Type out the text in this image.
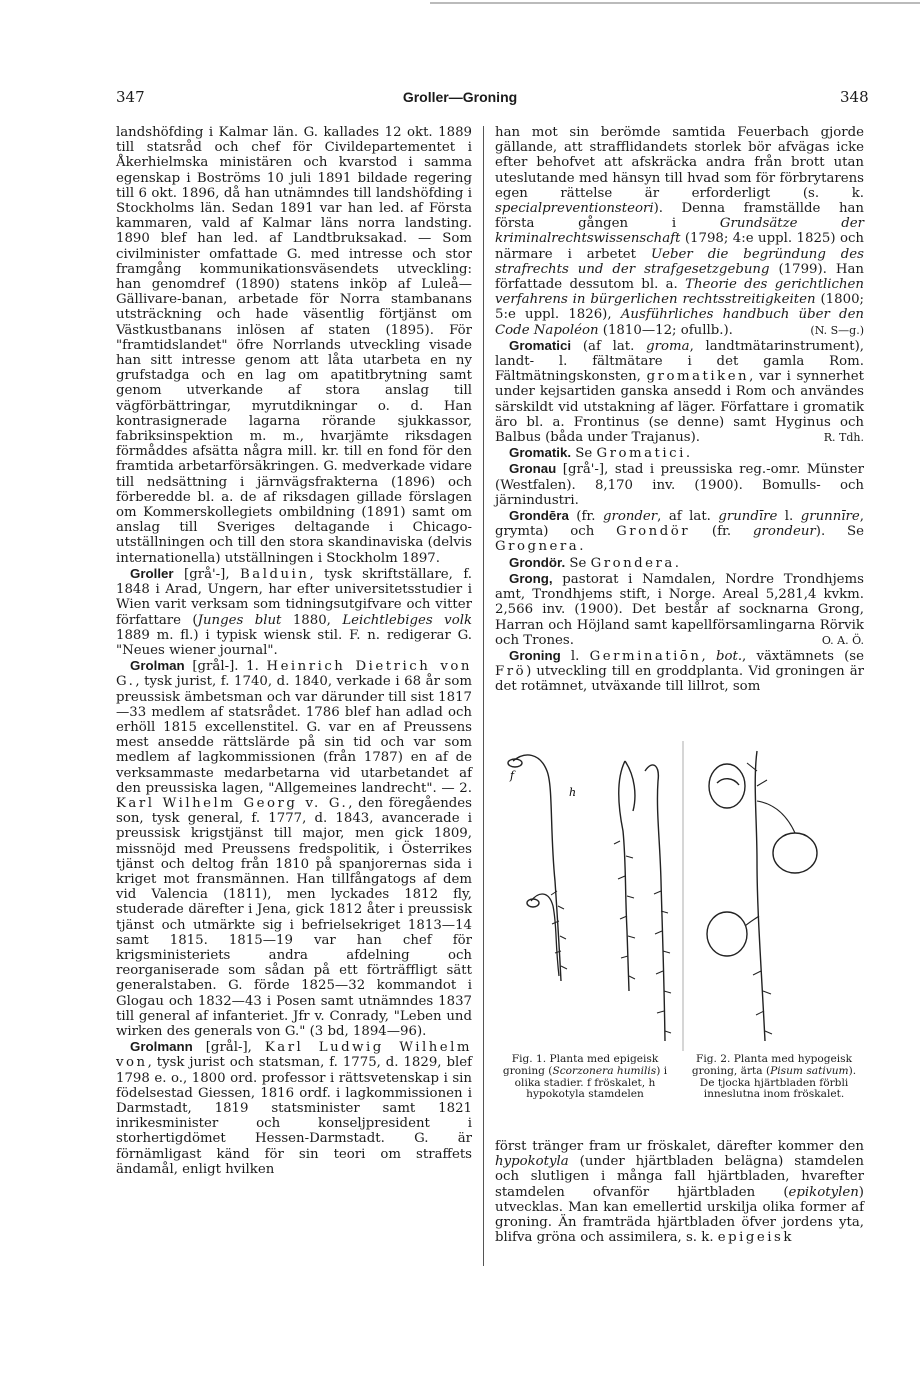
347	Groller—Groning	348

landshöfding i Kalmar län. G. kallades 12 okt. 1889 till statsråd och chef för Civildepartementet i Åkerhielmska ministären och kvarstod i samma egenskap i Boströms 10 juli 1891 bildade regering till 6 okt. 1896, då han utnämndes till landshöfding i Stockholms län. Sedan 1891 var han led. af Första kammaren, vald af Kalmar läns norra landsting. 1890 blef han led. af Landtbruksakad. — Som civilminister omfattade G. med intresse och stor framgång kommunikationsväsendets utveckling: han genomdref (1890) statens inköp af Luleå—Gällivare-banan, arbetade för Norra stambanans utsträckning och hade väsentlig förtjänst om Västkustbanans inlösen af staten (1895). För "framtidslandet" öfre Norrlands utveckling visade han sitt intresse genom att låta utarbeta en ny grufstadga och en lag om apatitbrytning samt genom utverkande af stora anslag till vägförbättringar, myrutdikningar o. d. Han kontrasignerade lagarna rörande sjukkassor, fabriksinspektion m. m., hvarjämte riksdagen förmåddes afsätta några mill. kr. till en fond för den framtida arbetarförsäkringen. G. medverkade vidare till nedsättning i järnvägsfrakterna (1896) och förberedde bl. a. de af riksdagen gillade förslagen om Kommerskollegiets ombildning (1891) samt om anslag till Sveriges deltagande i Chicago-utställningen och till den stora skandinaviska (delvis internationella) utställningen i Stockholm 1897.

Groller [grå'-], Balduin, tysk skriftställare, f. 1848 i Arad, Ungern, har efter universitetsstudier i Wien varit verksam som tidningsutgifvare och vitter författare (Junges blut 1880, Leichtlebiges volk 1889 m. fl.) i typisk wiensk stil. F. n. redigerar G. "Neues wiener journal".

Grolman [grål-]. 1. Heinrich Dietrich von G., tysk jurist, f. 1740, d. 1840, verkade i 68 år som preussisk ämbetsman och var därunder till sist 1817—33 medlem af statsrådet. 1786 blef han adlad och erhöll 1815 excellenstitel. G. var en af Preussens mest ansedde rättslärde på sin tid och var som medlem af lagkommissionen (från 1787) en af de verksammaste medarbetarna vid utarbetandet af den preussiska lagen, "Allgemeines landrecht". — 2. Karl Wilhelm Georg v. G., den föregåendes son, tysk general, f. 1777, d. 1843, avancerade i preussisk krigstjänst till major, men gick 1809, missnöjd med Preussens fredspolitik, i Österrikes tjänst och deltog från 1810 på spanjorernas sida i kriget mot fransmännen. Han tillfångatogs af dem vid Valencia (1811), men lyckades 1812 fly, studerade därefter i Jena, gick 1812 åter i preussisk tjänst och utmärkte sig i befrielsekriget 1813—14 samt 1815. 1815—19 var han chef för krigsministeriets andra afdelning och reorganiserade som sådan på ett förträffligt sätt generalstaben. G. förde 1825—32 kommandot i Glogau och 1832—43 i Posen samt utnämndes 1837 till general af infanteriet. Jfr v. Conrady, "Leben und wirken des generals von G." (3 bd, 1894—96).

Grolmann [grål-], Karl Ludwig Wilhelm von, tysk jurist och statsman, f. 1775, d. 1829, blef 1798 e. o., 1800 ord. professor i rättsvetenskap i sin födelsestad Giessen, 1816 ordf. i lagkommissionen i Darmstadt, 1819 statsminister samt 1821 inrikesminister och konseljpresident i storhertigdömet Hessen-Darmstadt. G. är förnämligast känd för sin teori om straffets ändamål, enligt hvilken

han mot sin berömde samtida Feuerbach gjorde gällande, att strafflidandets storlek bör afvägas icke efter behofvet att afskräcka andra från brott utan uteslutande med hänsyn till hvad som för förbrytarens egen rättelse är erforderligt (s. k. specialpreventionsteori). Denna framställde han första gången i Grundsätze der kriminalrechtswissenschaft (1798; 4:e uppl. 1825) och närmare i arbetet Ueber die begründung des strafrechts und der strafgesetzgebung (1799). Han författade dessutom bl. a. Theorie des gerichtlichen verfahrens in bürgerlichen rechtsstreitigkeiten (1800; 5:e uppl. 1826), Ausführliches handbuch über den Code Napoléon (1810—12; ofullb.).	(N. S—g.)

Gromatici (af lat. groma, landtmätarinstrument), landt- l. fältmätare i det gamla Rom. Fältmätningskonsten, gromatiken, var i synnerhet under kejsartiden ganska ansedd i Rom och användes särskildt vid utstakning af läger. Författare i gromatik äro bl. a. Frontinus (se denne) samt Hyginus och Balbus (båda under Trajanus).	R. Tdh.

Gromatik. Se Gromatici.

Gronau [grå'-], stad i preussiska reg.-omr. Münster (Westfalen). 8,170 inv. (1900). Bomulls- och järnindustri.

Grondēra (fr. gronder, af lat. grundīre l. grunnīre, grymta) och Grondör (fr. grondeur). Se Grognera.

Grondör. Se Grondera.

Grong, pastorat i Namdalen, Nordre Trondhjems amt, Trondhjems stift, i Norge. Areal 5,281,4 kvkm. 2,566 inv. (1900). Det består af socknarna Grong, Harran och Höjland samt kapellförsamlingarna Rörvik och Trones.	O. A. Ö.

Groning l. Germinatiōn, bot., växtämnets (se Frö) utveckling till en groddplanta. Vid groningen är det rotämnet, utväxande till lillrot, som

f
h
Fig. 1. Planta med epigeisk groning (Scorzonera humilis) i olika stadier. f fröskalet, h hypokotyla stamdelen
Fig. 2. Planta med hypogeisk groning, ärta (Pisum sativum). De tjocka hjärtbladen förbli inneslutna inom fröskalet.

först tränger fram ur fröskalet, därefter kommer den hypokotyla (under hjärtbladen belägna) stamdelen och slutligen i många fall hjärtbladen, hvarefter stamdelen ofvanför hjärtbladen (epikotylen) utvecklas. Man kan emellertid urskilja olika former af groning. Än framträda hjärtbladen öfver jordens yta, blifva gröna och assimilera, s. k. epigeisk
